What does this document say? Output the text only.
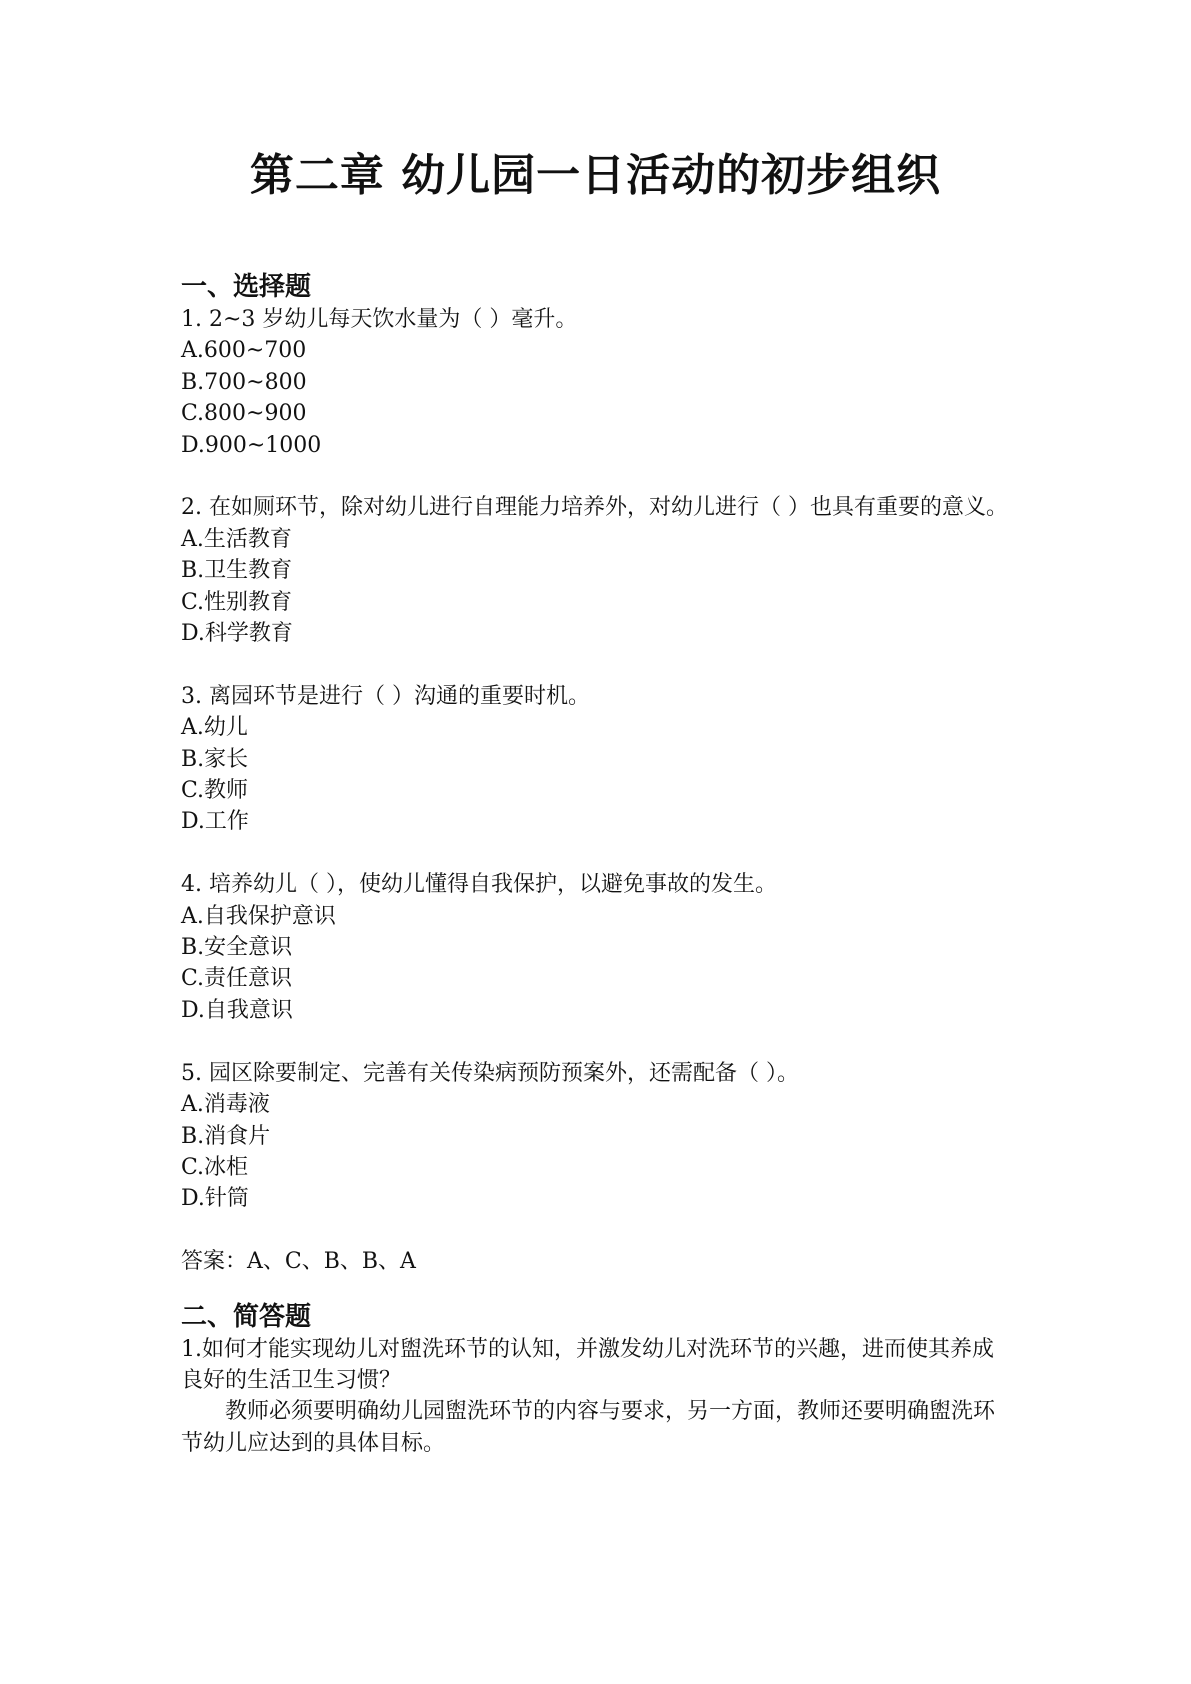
第二章 幼儿园一日活动的初步组织
一、选择题

1. 2~3 岁幼儿每天饮水量为（ ）毫升。

A.600~700

B.700~800

C.800~900

D.900~1000

2. 在如厕环节，除对幼儿进行自理能力培养外，对幼儿进行（ ）也具有重要的意义。

A.生活教育

B.卫生教育

C.性别教育

D.科学教育

3. 离园环节是进行（ ）沟通的重要时机。

A.幼儿

B.家长

C.教师

D.工作

4. 培养幼儿（ ），使幼儿懂得自我保护，以避免事故的发生。

A.自我保护意识

B.安全意识

C.责任意识

D.自我意识

5. 园区除要制定、完善有关传染病预防预案外，还需配备（ ）。

A.消毒液

B.消食片

C.冰柜

D.针筒

答案：A、C、B、B、A

二、简答题

1.如何才能实现幼儿对盥洗环节的认知，并激发幼儿对洗环节的兴趣，进而使其养成良好的生活卫生习惯？

教师必须要明确幼儿园盥洗环节的内容与要求，另一方面，教师还要明确盥洗环节幼儿应达到的具体目标。
